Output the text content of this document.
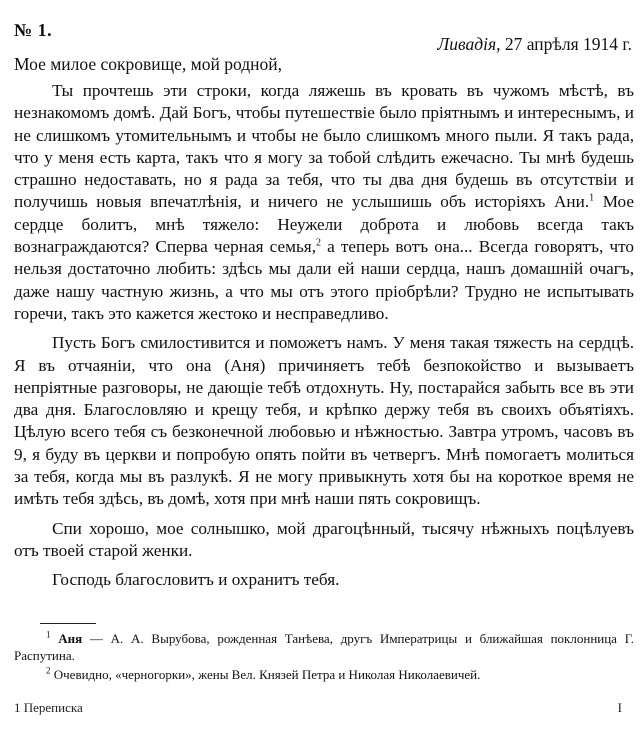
№ 1.
Ливадія, 27 апрѣля 1914 г.
Мое милое сокровище, мой родной,

Ты прочтешь эти строки, когда ляжешь въ кровать въ чужомъ мѣстѣ, въ незнакомомъ домѣ. Дай Богъ, чтобы путешествіе было пріятнымъ и интереснымъ, и не слишкомъ утомительнымъ и чтобы не было слишкомъ много пыли. Я такъ рада, что у меня есть карта, такъ что я могу за тобой слѣдить ежечасно. Ты мнѣ будешь страшно недоставать, но я рада за тебя, что ты два дня будешь въ отсутствіи и получишь новыя впечатлѣнія, и ничего не услышишь объ исторіяхъ Ани.$^1$ Мое сердце болитъ, мнѣ тяжело: Неужели доброта и любовь всегда такъ вознаграждаются? Сперва черная семья,$^2$ а теперь вотъ она... Всегда говорятъ, что нельзя достаточно любить: здѣсь мы дали ей наши сердца, нашъ домашній очагъ, даже нашу частную жизнь, а что мы отъ этого пріобрѣли? Трудно не испытывать горечи, такъ это кажется жестоко и несправедливо.

Пусть Богъ смилостивится и поможетъ намъ. У меня такая тяжесть на сердцѣ. Я въ отчаяніи, что она (Аня) причиняетъ тебѣ безпокойство и вызываетъ непріятные разговоры, не дающіе тебѣ отдохнуть. Ну, постарайся забыть все въ эти два дня. Благословляю и крещу тебя, и крѣпко держу тебя въ своихъ объятіяхъ. Цѣлую всего тебя съ безконечной любовью и нѣжностью. Завтра утромъ, часовъ въ 9, я буду въ церкви и попробую опять пойти въ четвергъ. Мнѣ помогаетъ молиться за тебя, когда мы въ разлукѣ. Я не могу привыкнуть хотя бы на короткое время не имѣть тебя здѣсь, въ домѣ, хотя при мнѣ наши пять сокровищъ.

Спи хорошо, мое солнышко, мой драгоцѣнный, тысячу нѣжныхъ поцѣлуевъ отъ твоей старой женки.

Господь благословитъ и охранитъ тебя.

$^1$ Аня — А. А. Вырубова, рожденная Танѣева, другъ Императрицы и ближайшая поклонница Г. Распутина.
$^2$ Очевидно, «черногорки», жены Вел. Князей Петра и Николая Николаевичей.
1 Переписка	I
